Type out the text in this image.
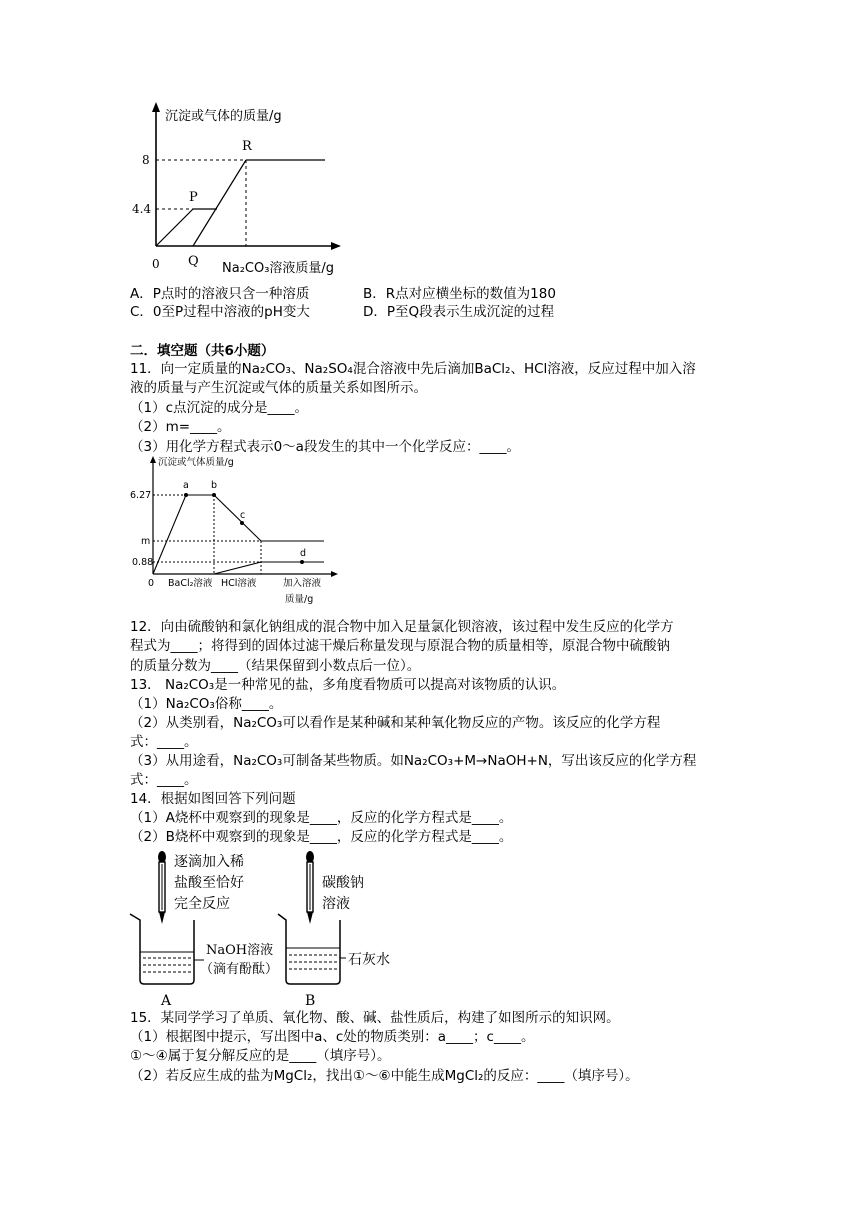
沉淀或气体的质量/g
8
4.4
0
P
Q
R
Na₂CO₃溶液质量/g
A．P点时的溶液只含一种溶质	B．R点对应横坐标的数值为180
C．0至P过程中溶液的pH变大	D．P至Q段表示生成沉淀的过程
二．填空题（共6小题）
11．向一定质量的Na₂CO₃、Na₂SO₄混合溶液中先后滴加BaCl₂、HCl溶液，反应过程中加入溶
液的质量与产生沉淀或气体的质量关系如图所示。
（1）c点沉淀的成分是____。
（2）m=____。
（3）用化学方程式表示0～a段发生的其中一个化学反应：____。
沉淀或气体质量/g
6.27
m
0.88
0
a b
c
d
BaCl₂溶液 HCl溶液	加入溶液
质量/g
12．向由硫酸钠和氯化钠组成的混合物中加入足量氯化钡溶液，该过程中发生反应的化学方
程式为____；将得到的固体过滤干燥后称量发现与原混合物的质量相等，原混合物中硫酸钠
的质量分数为____（结果保留到小数点后一位）。
13． Na₂CO₃是一种常见的盐，多角度看物质可以提高对该物质的认识。
（1）Na₂CO₃俗称____。
（2）从类别看，Na₂CO₃可以看作是某种碱和某种氧化物反应的产物。该反应的化学方程
式：____。
（3）从用途看，Na₂CO₃可制备某些物质。如Na₂CO₃+M→NaOH+N，写出该反应的化学方程
式：____。
14．根据如图回答下列问题
（1）A烧杯中观察到的现象是____，反应的化学方程式是____。
（2）B烧杯中观察到的现象是____，反应的化学方程式是____。
逐滴加入稀
盐酸至恰好
完全反应
NaOH溶液
（滴有酚酞）
A
碳酸钠
溶液
石灰水
B
15．某同学学习了单质、氧化物、酸、碱、盐性质后，构建了如图所示的知识网。
（1）根据图中提示，写出图中a、c处的物质类别：a____；c____。
①～④属于复分解反应的是____（填序号）。
（2）若反应生成的盐为MgCl₂，找出①～⑥中能生成MgCl₂的反应：____（填序号）。
